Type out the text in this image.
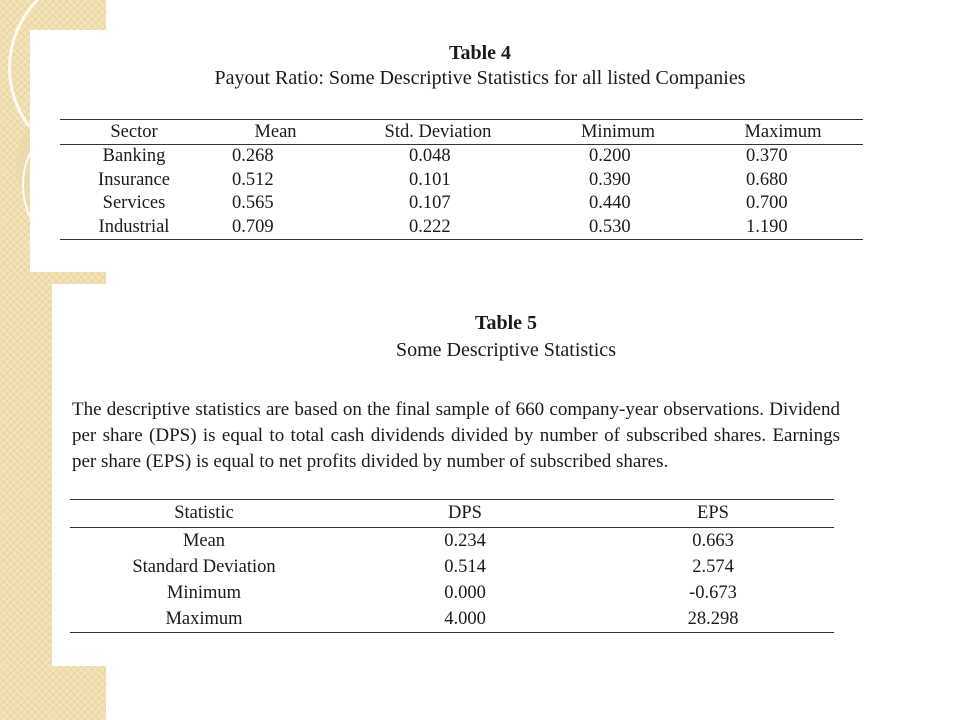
Table 4
Payout Ratio: Some Descriptive Statistics for all listed Companies
Sector	Mean	Std. Deviation	Minimum	Maximum
Banking	0.268	0.048	0.200	0.370
Insurance	0.512	0.101	0.390	0.680
Services	0.565	0.107	0.440	0.700
Industrial	0.709	0.222	0.530	1.190
Table 5
Some Descriptive Statistics

The descriptive statistics are based on the final sample of 660 company-year observations. Dividend per share (DPS) is equal to total cash dividends divided by number of subscribed shares. Earnings per share (EPS) is equal to net profits divided by number of subscribed shares.

Statistic	DPS	EPS
Mean	0.234	0.663
Standard Deviation	0.514	2.574
Minimum	0.000	-0.673
Maximum	4.000	28.298
